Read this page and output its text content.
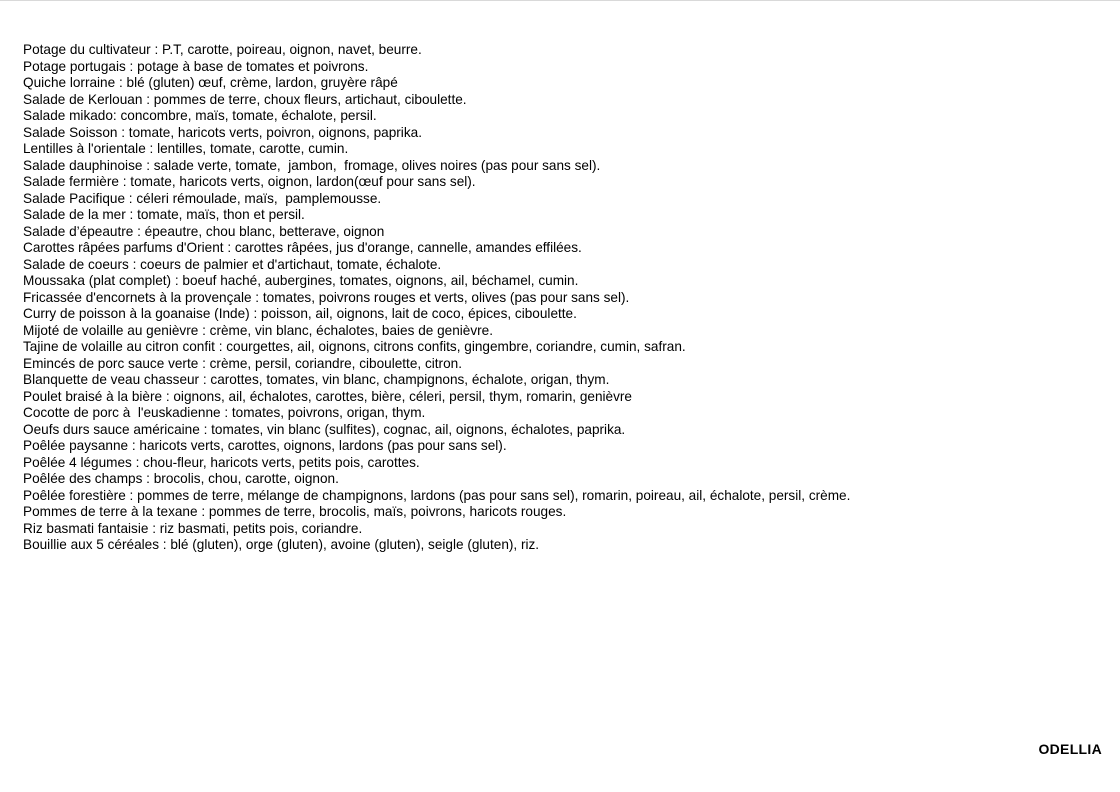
Potage du cultivateur : P.T, carotte, poireau, oignon, navet, beurre.
Potage portugais : potage à base de tomates et poivrons.
Quiche lorraine : blé (gluten) œuf, crème, lardon, gruyère râpé
Salade de Kerlouan : pommes de terre, choux fleurs, artichaut, ciboulette.
Salade mikado: concombre, maïs, tomate, échalote, persil.
Salade Soisson : tomate, haricots verts, poivron, oignons, paprika.
Lentilles à l'orientale : lentilles, tomate, carotte, cumin.
Salade dauphinoise : salade verte, tomate,  jambon,  fromage, olives noires (pas pour sans sel).
Salade fermière : tomate, haricots verts, oignon, lardon(œuf pour sans sel).
Salade Pacifique : céleri rémoulade, maïs,  pamplemousse.
Salade de la mer : tomate, maïs, thon et persil.
Salade d’épeautre : épeautre, chou blanc, betterave, oignon
Carottes râpées parfums d'Orient : carottes râpées, jus d'orange, cannelle, amandes effilées.
Salade de coeurs : coeurs de palmier et d'artichaut, tomate, échalote.
Moussaka (plat complet) : boeuf haché, aubergines, tomates, oignons, ail, béchamel, cumin.
Fricassée d'encornets à la provençale : tomates, poivrons rouges et verts, olives (pas pour sans sel).
Curry de poisson à la goanaise (Inde) : poisson, ail, oignons, lait de coco, épices, ciboulette.
Mijoté de volaille au genièvre : crème, vin blanc, échalotes, baies de genièvre.
Tajine de volaille au citron confit : courgettes, ail, oignons, citrons confits, gingembre, coriandre, cumin, safran.
Emincés de porc sauce verte : crème, persil, coriandre, ciboulette, citron.
Blanquette de veau chasseur : carottes, tomates, vin blanc, champignons, échalote, origan, thym.
Poulet braisé à la bière : oignons, ail, échalotes, carottes, bière, céleri, persil, thym, romarin, genièvre
Cocotte de porc à  l'euskadienne : tomates, poivrons, origan, thym.
Oeufs durs sauce américaine : tomates, vin blanc (sulfites), cognac, ail, oignons, échalotes, paprika.
Poêlée paysanne : haricots verts, carottes, oignons, lardons (pas pour sans sel).
Poêlée 4 légumes : chou-fleur, haricots verts, petits pois, carottes.
Poêlée des champs : brocolis, chou, carotte, oignon.
Poêlée forestière : pommes de terre, mélange de champignons, lardons (pas pour sans sel), romarin, poireau, ail, échalote, persil, crème.
Pommes de terre à la texane : pommes de terre, brocolis, maïs, poivrons, haricots rouges.
Riz basmati fantaisie : riz basmati, petits pois, coriandre.
Bouillie aux 5 céréales : blé (gluten), orge (gluten), avoine (gluten), seigle (gluten), riz.
ODELLIA
